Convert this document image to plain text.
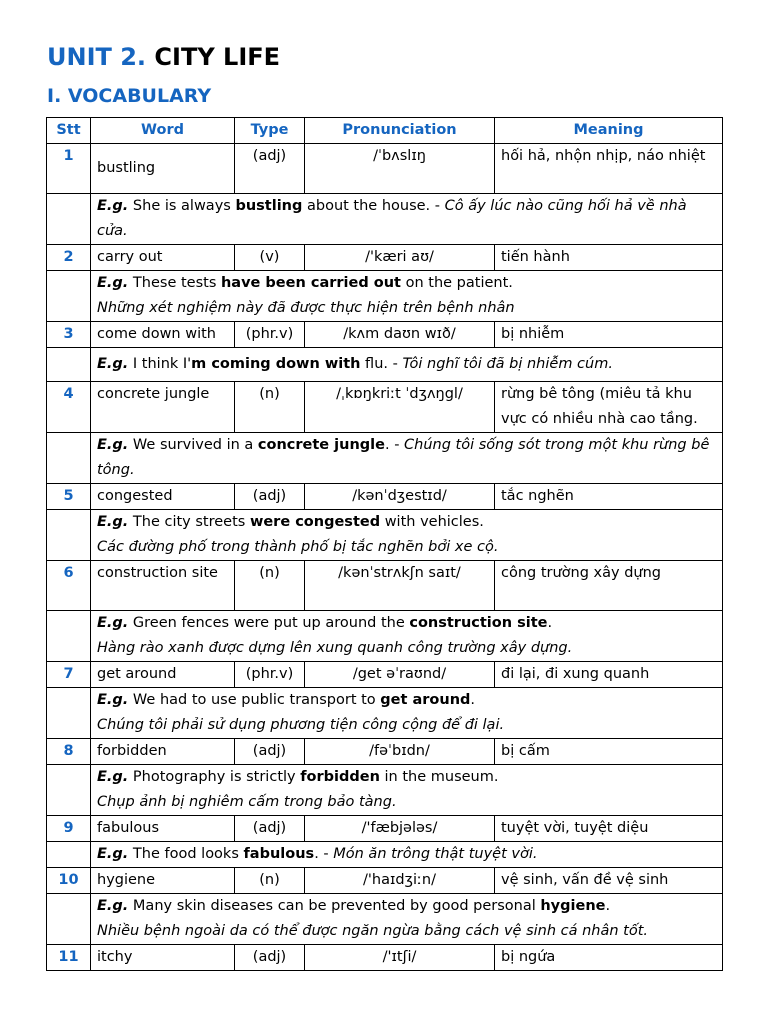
UNIT 2. CITY LIFE
I. VOCABULARY
Stt	Word	Type	Pronunciation	Meaning
1	bustling	(adj)	/ˈbʌslɪŋ	hối hả, nhộn nhịp, náo nhiệt
	E.g. She is always bustling about the house. - Cô ấy lúc nào cũng hối hả về nhà cửa.			
2	carry out	(v)	/'kæri aʊ/	tiến hành
	E.g. These tests have been carried out on the patient.
Những xét nghiệm này đã được thực hiện trên bệnh nhân			
3	come down with	(phr.v)	/kʌm daʊn wɪð/	bị nhiễm
	E.g. I think I'm coming down with flu. - Tôi nghĩ tôi đã bị nhiễm cúm.			
4	concrete jungle	(n)	/ˌkɒŋkriːt ˈdʒʌŋgl/	rừng bê tông (miêu tả khu vực có nhiều nhà cao tầng.
	E.g. We survived in a concrete jungle. - Chúng tôi sống sót trong một khu rừng bê tông.			
5	congested	(adj)	/kənˈdʒestɪd/	tắc nghẽn
	E.g. The city streets were congested with vehicles.
Các đường phố trong thành phố bị tắc nghẽn bởi xe cộ.			
6	construction site	(n)	/kənˈstrʌkʃn saɪt/	công trường xây dựng
	E.g. Green fences were put up around the construction site.
Hàng rào xanh được dựng lên xung quanh công trường xây dựng.			
7	get around	(phr.v)	/get əˈraʊnd/	đi lại, đi xung quanh
	E.g. We had to use public transport to get around.
Chúng tôi phải sử dụng phương tiện công cộng để đi lại.			
8	forbidden	(adj)	/fəˈbɪdn/	bị cấm
	E.g. Photography is strictly forbidden in the museum.
Chụp ảnh bị nghiêm cấm trong bảo tàng.			
9	fabulous	(adj)	/'fæbjələs/	tuyệt vời, tuyệt diệu
	E.g. The food looks fabulous. - Món ăn trông thật tuyệt vời.			
10	hygiene	(n)	/'haɪdʒiːn/	vệ sinh, vấn đề vệ sinh
	E.g. Many skin diseases can be prevented by good personal hygiene.
Nhiều bệnh ngoài da có thể được ngăn ngừa bằng cách vệ sinh cá nhân tốt.			
11	itchy	(adj)	/'ɪtʃi/	bị ngứa
